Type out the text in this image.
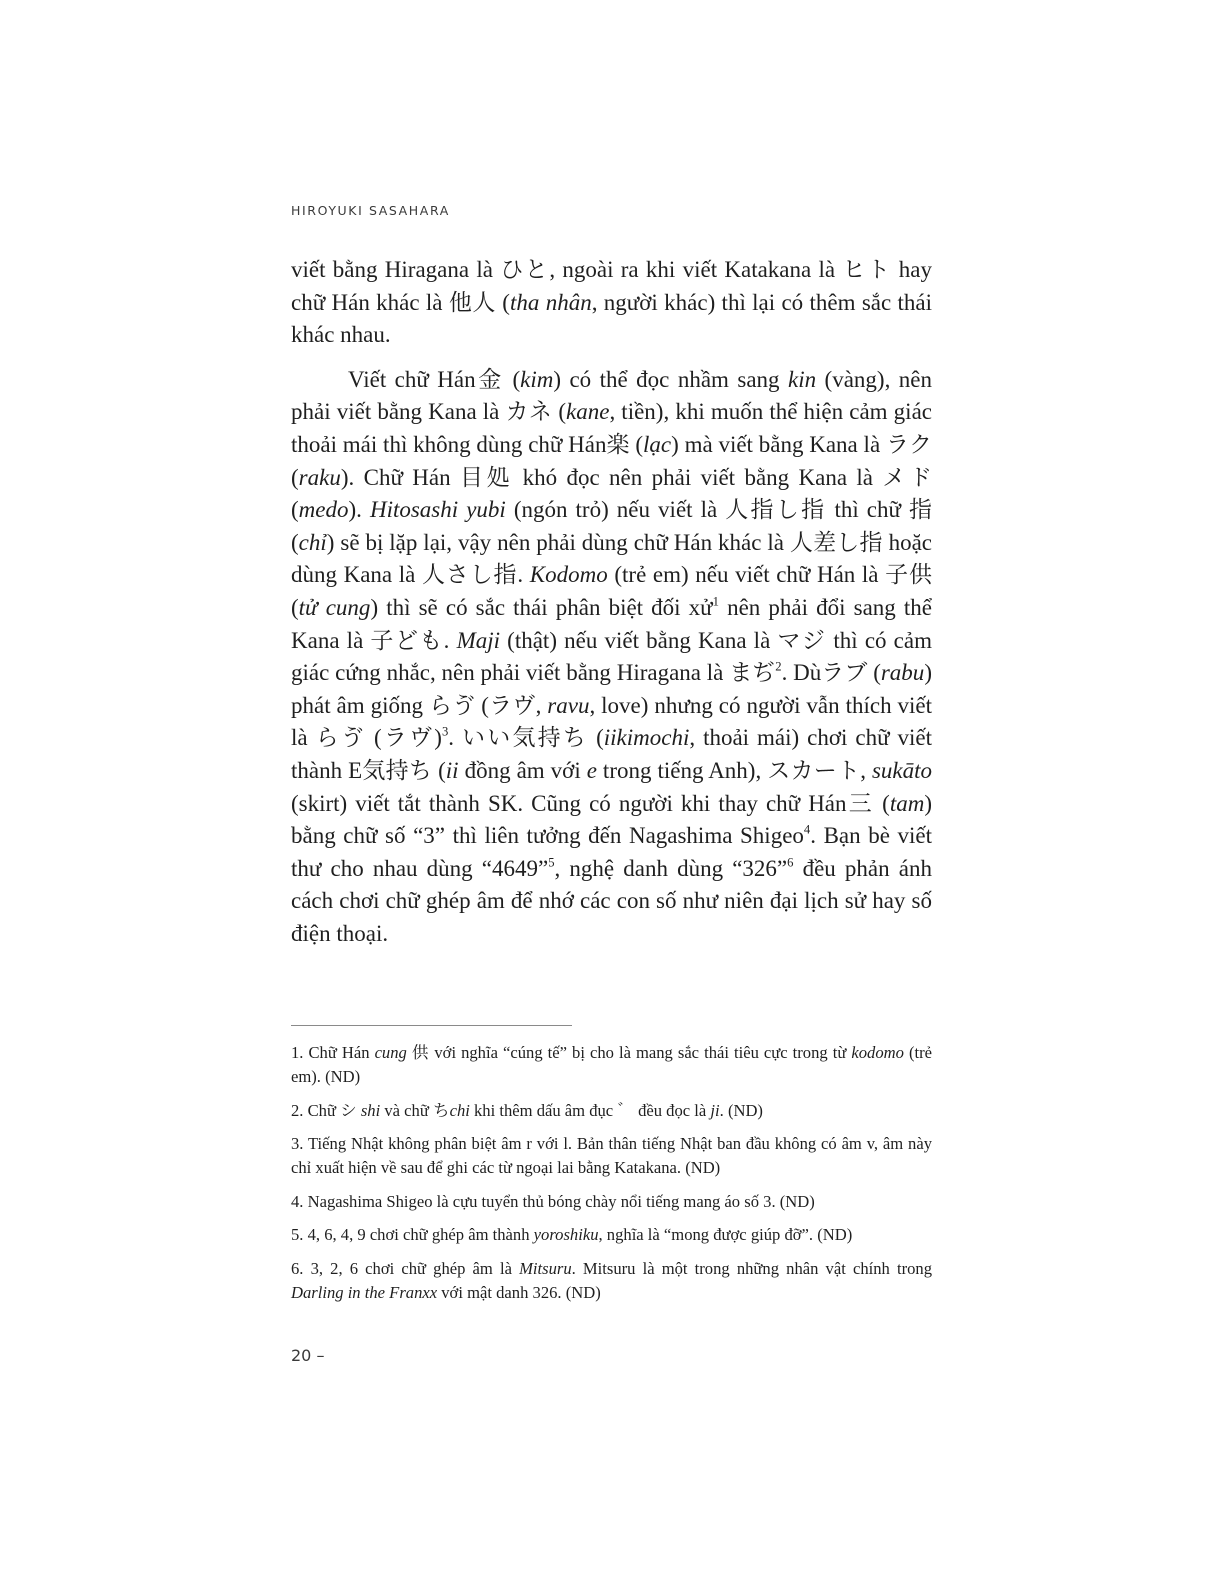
HIROYUKI SASAHARA

viết bằng Hiragana là ひと, ngoài ra khi viết Katakana là ヒト hay chữ Hán khác là 他人 (tha nhân, người khác) thì lại có thêm sắc thái khác nhau.

Viết chữ Hán金 (kim) có thể đọc nhầm sang kin (vàng), nên phải viết bằng Kana là カネ (kane, tiền), khi muốn thể hiện cảm giác thoải mái thì không dùng chữ Hán楽 (lạc) mà viết bằng Kana là ラク (raku). Chữ Hán 目処 khó đọc nên phải viết bằng Kana là メド (medo). Hitosashi yubi (ngón trỏ) nếu viết là 人指し指 thì chữ 指 (chỉ) sẽ bị lặp lại, vậy nên phải dùng chữ Hán khác là 人差し指 hoặc dùng Kana là 人さし指. Kodomo (trẻ em) nếu viết chữ Hán là 子供 (tử cung) thì sẽ có sắc thái phân biệt đối xử$^1$ nên phải đổi sang thể Kana là 子ども. Maji (thật) nếu viết bằng Kana là マジ thì có cảm giác cứng nhắc, nên phải viết bằng Hiragana là まぢ$^2$. Dùラブ (rabu) phát âm giống らゔ (ラヴ, ravu, love) nhưng có người vẫn thích viết là らゔ (ラヴ)$^3$. いい気持ち (iikimochi, thoải mái) chơi chữ viết thành E気持ち (ii đồng âm với e trong tiếng Anh), スカート, sukāto (skirt) viết tắt thành SK. Cũng có người khi thay chữ Hán三 (tam) bằng chữ số “3” thì liên tưởng đến Nagashima Shigeo$^4$. Bạn bè viết thư cho nhau dùng “4649”$^5$, nghệ danh dùng “326”$^6$ đều phản ánh cách chơi chữ ghép âm để nhớ các con số như niên đại lịch sử hay số điện thoại.

1. Chữ Hán cung 供 với nghĩa “cúng tế” bị cho là mang sắc thái tiêu cực trong từ kodomo (trẻ em). (ND)

2. Chữ シ shi và chữ ちchi khi thêm dấu âm đục ゛ đều đọc là ji. (ND)

3. Tiếng Nhật không phân biệt âm r với l. Bản thân tiếng Nhật ban đầu không có âm v, âm này chỉ xuất hiện về sau để ghi các từ ngoại lai bằng Katakana. (ND)

4. Nagashima Shigeo là cựu tuyển thủ bóng chày nổi tiếng mang áo số 3. (ND)

5. 4, 6, 4, 9 chơi chữ ghép âm thành yoroshiku, nghĩa là “mong được giúp đỡ”. (ND)

6. 3, 2, 6 chơi chữ ghép âm là Mitsuru. Mitsuru là một trong những nhân vật chính trong Darling in the Franxx với mật danh 326. (ND)

20 –
